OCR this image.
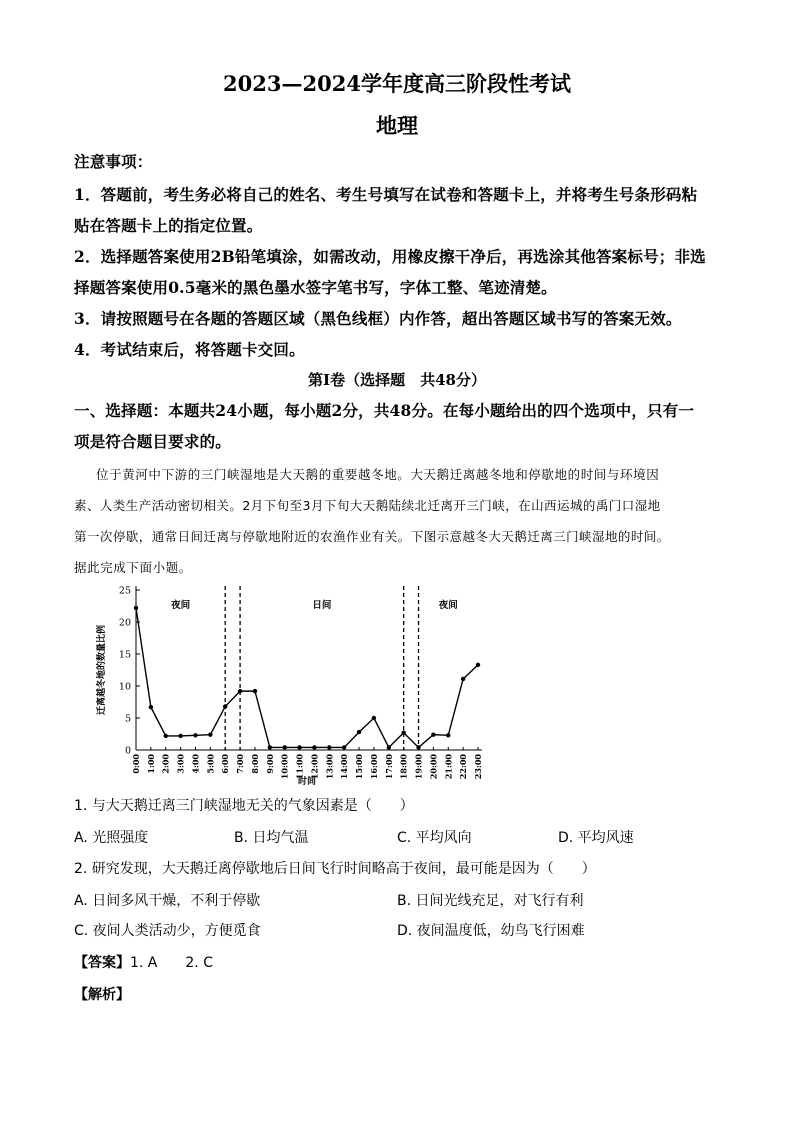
2023—2024学年度高三阶段性考试
地理
注意事项：
1．答题前，考生务必将自己的姓名、考生号填写在试卷和答题卡上，并将考生号条形码粘
贴在答题卡上的指定位置。
2．选择题答案使用2B铅笔填涂，如需改动，用橡皮擦干净后，再选涂其他答案标号；非选
择题答案使用0.5毫米的黑色墨水签字笔书写，字体工整、笔迹清楚。
3．请按照题号在各题的答题区域（黑色线框）内作答，超出答题区域书写的答案无效。
4．考试结束后，将答题卡交回。
第Ⅰ卷（选择题　共48分）
一、选择题：本题共24小题，每小题2分，共48分。在每小题给出的四个选项中，只有一
项是符合题目要求的。
位于黄河中下游的三门峡湿地是大天鹅的重要越冬地。大天鹅迁离越冬地和停歇地的时间与环境因
素、人类生产活动密切相关。2月下旬至3月下旬大天鹅陆续北迁离开三门峡，在山西运城的禹门口湿地
第一次停歇，通常日间迁离与停歇地附近的农渔作业有关。下图示意越冬大天鹅迁离三门峡湿地的时间。
据此完成下面小题。
0
5
10
15
20
25
0:00 1:00 2:00 3:00 4:00 5:00 6:00 7:00 8:00 9:00 10:00 11:00 12:00 13:00 14:00 15:00 16:00 17:00 18:00 19:00 20:00 21:00 22:00 23:00
迁离越冬地的数量比例
时间
夜间	日间	夜间
1. 与大天鹅迁离三门峡湿地无关的气象因素是（　　）
A. 光照强度	B. 日均气温	C. 平均风向	D. 平均风速
2. 研究发现，大天鹅迁离停歇地后日间飞行时间略高于夜间，最可能是因为（　　）
A. 日间多风干燥，不利于停歇	B. 日间光线充足，对飞行有利
C. 夜间人类活动少，方便觅食	D. 夜间温度低，幼鸟飞行困难
【答案】1. A　　2. C
【解析】
